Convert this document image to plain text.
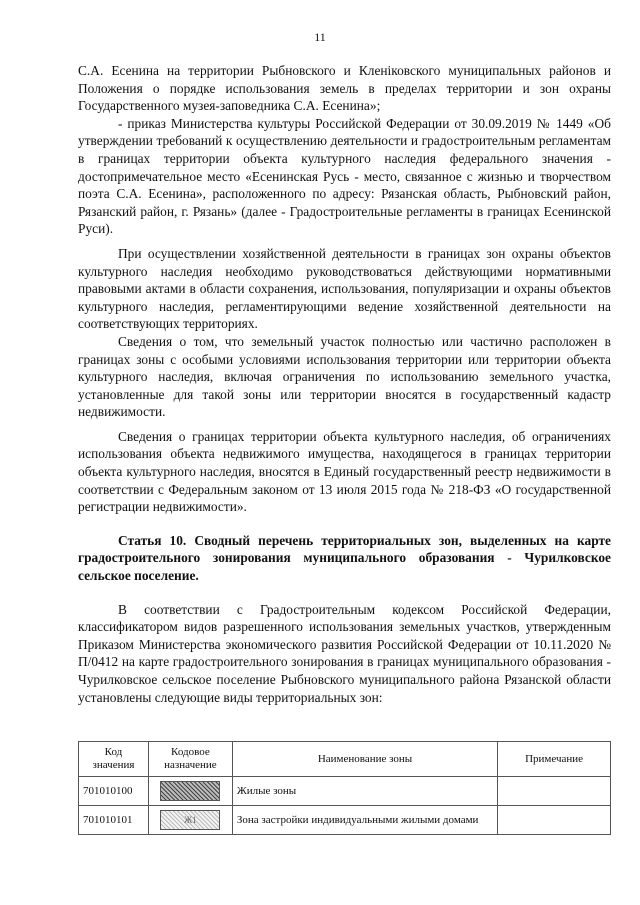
11

С.А. Есенина на территории Рыбновского и Кленіковского муниципальных районов и Положения о порядке использования земель в пределах территории и зон охраны Государственного музея-заповедника С.А. Есенина»;

- приказ Министерства культуры Российской Федерации от 30.09.2019 № 1449 «Об утверждении требований к осуществлению деятельности и градостроительным регламентам в границах территории объекта культурного наследия федерального значения - достопримечательное место «Есенинская Русь - место, связанное с жизнью и творчеством поэта С.А. Есенина», расположенного по адресу: Рязанская область, Рыбновский район, Рязанский район, г. Рязань» (далее - Градостроительные регламенты в границах Есенинской Руси).

При осуществлении хозяйственной деятельности в границах зон охраны объектов культурного наследия необходимо руководствоваться действующими нормативными правовыми актами в области сохранения, использования, популяризации и охраны объектов культурного наследия, регламентирующими ведение хозяйственной деятельности на соответствующих территориях.

Сведения о том, что земельный участок полностью или частично расположен в границах зоны с особыми условиями использования территории или территории объекта культурного наследия, включая ограничения по использованию земельного участка, установленные для такой зоны или территории вносятся в государственный кадастр недвижимости.

Сведения о границах территории объекта культурного наследия, об ограничениях использования объекта недвижимого имущества, находящегося в границах территории объекта культурного наследия, вносятся в Единый государственный реестр недвижимости в соответствии с Федеральным законом от 13 июля 2015 года № 218-ФЗ «О государственной регистрации недвижимости».

Статья 10. Сводный перечень территориальных зон, выделенных на карте градостроительного зонирования муниципального образования - Чурилковское сельское поселение.

В соответствии с Градостроительным кодексом Российской Федерации, классификатором видов разрешенного использования земельных участков, утвержденным Приказом Министерства экономического развития Российской Федерации от 10.11.2020 № П/0412 на карте градостроительного зонирования в границах муниципального образования - Чурилковское сельское поселение Рыбновского муниципального района Рязанской области установлены следующие виды территориальных зон:

Код значения	Кодовое назначение	Наименование зоны	Примечание
701010100		Жилые зоны	
701010101	Ж1	Зона застройки индивидуальными жилыми домами	
